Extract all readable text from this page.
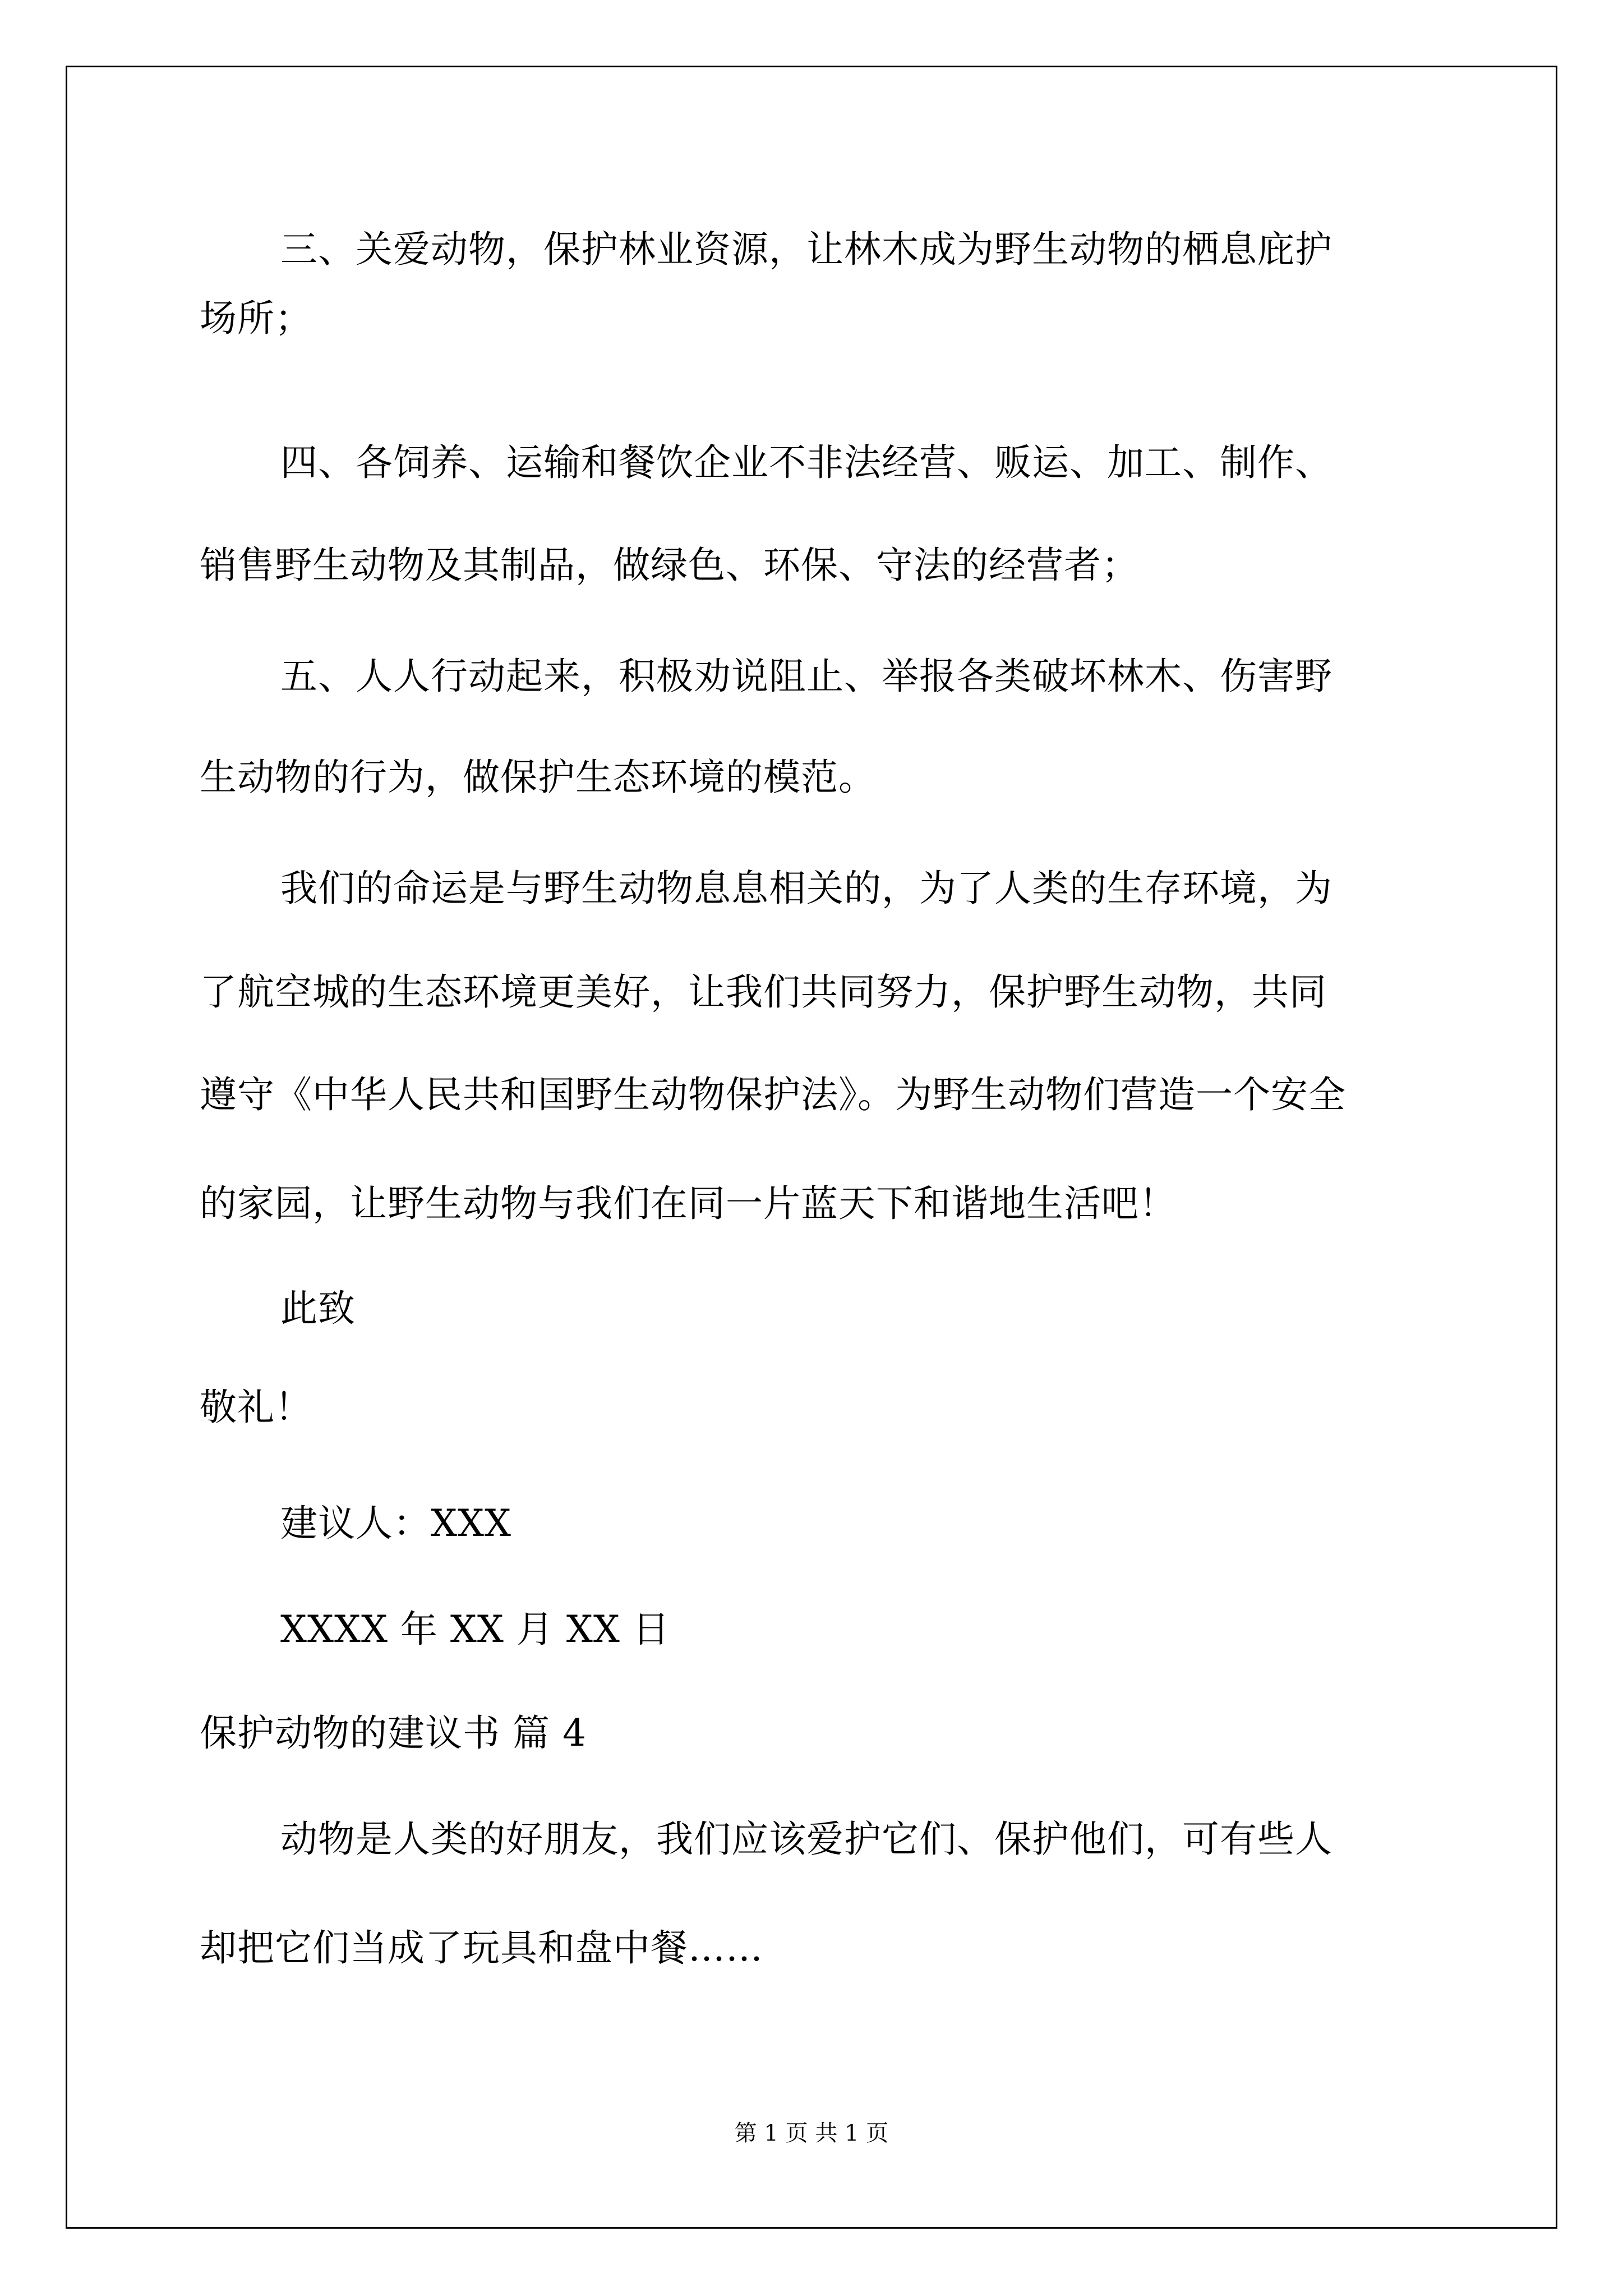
三、关爱动物，保护林业资源，让林木成为野生动物的栖息庇护
场所；
四、各饲养、运输和餐饮企业不非法经营、贩运、加工、制作、
销售野生动物及其制品，做绿色、环保、守法的经营者；
五、人人行动起来，积极劝说阻止、举报各类破坏林木、伤害野
生动物的行为，做保护生态环境的模范。
我们的命运是与野生动物息息相关的，为了人类的生存环境，为
了航空城的生态环境更美好，让我们共同努力，保护野生动物，共同
遵守《中华人民共和国野生动物保护法》。为野生动物们营造一个安全
的家园，让野生动物与我们在同一片蓝天下和谐地生活吧！
此致
敬礼！
建议人：XXX
XXXX 年 XX 月 XX 日
保护动物的建议书 篇 4
动物是人类的好朋友，我们应该爱护它们、保护他们，可有些人
却把它们当成了玩具和盘中餐……
第 1 页 共 1 页
